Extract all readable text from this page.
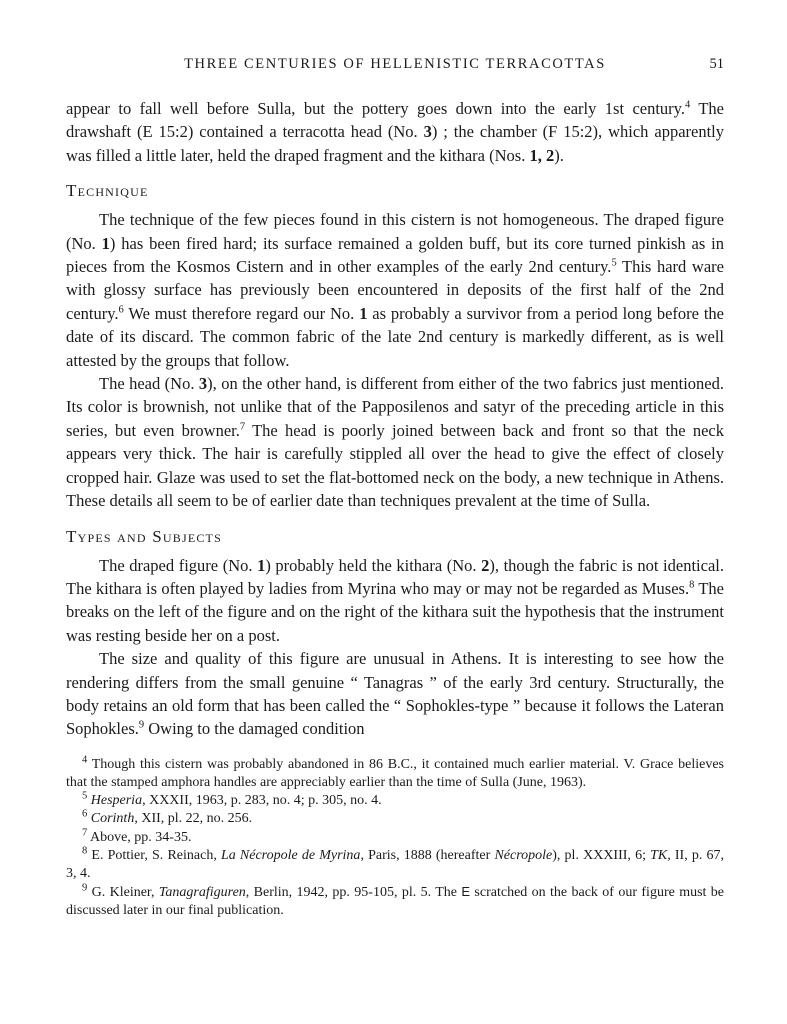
THREE CENTURIES OF HELLENISTIC TERRACOTTAS	51

appear to fall well before Sulla, but the pottery goes down into the early 1st century.$^4$ The drawshaft (E 15:2) contained a terracotta head (No. 3) ; the chamber (F 15:2), which apparently was filled a little later, held the draped fragment and the kithara (Nos. 1, 2).

Technique

The technique of the few pieces found in this cistern is not homogeneous. The draped figure (No. 1) has been fired hard; its surface remained a golden buff, but its core turned pinkish as in pieces from the Kosmos Cistern and in other examples of the early 2nd century.$^5$ This hard ware with glossy surface has previously been encountered in deposits of the first half of the 2nd century.$^6$ We must therefore regard our No. 1 as probably a survivor from a period long before the date of its discard. The common fabric of the late 2nd century is markedly different, as is well attested by the groups that follow.

The head (No. 3), on the other hand, is different from either of the two fabrics just mentioned. Its color is brownish, not unlike that of the Papposilenos and satyr of the preceding article in this series, but even browner.$^7$ The head is poorly joined between back and front so that the neck appears very thick. The hair is carefully stippled all over the head to give the effect of closely cropped hair. Glaze was used to set the flat-bottomed neck on the body, a new technique in Athens. These details all seem to be of earlier date than techniques prevalent at the time of Sulla.

Types and Subjects

The draped figure (No. 1) probably held the kithara (No. 2), though the fabric is not identical. The kithara is often played by ladies from Myrina who may or may not be regarded as Muses.$^8$ The breaks on the left of the figure and on the right of the kithara suit the hypothesis that the instrument was resting beside her on a post.

The size and quality of this figure are unusual in Athens. It is interesting to see how the rendering differs from the small genuine “ Tanagras ” of the early 3rd century. Structurally, the body retains an old form that has been called the “ Sophokles-type ” because it follows the Lateran Sophokles.$^9$ Owing to the damaged condition

$^4$ Though this cistern was probably abandoned in 86 B.C., it contained much earlier material. V. Grace believes that the stamped amphora handles are appreciably earlier than the time of Sulla (June, 1963).

$^5$ Hesperia, XXXII, 1963, p. 283, no. 4; p. 305, no. 4.

$^6$ Corinth, XII, pl. 22, no. 256.

$^7$ Above, pp. 34-35.

$^8$ E. Pottier, S. Reinach, La Nécropole de Myrina, Paris, 1888 (hereafter Nécropole), pl. XXXIII, 6; TK, II, p. 67, 3, 4.

$^9$ G. Kleiner, Tanagrafiguren, Berlin, 1942, pp. 95-105, pl. 5. The E scratched on the back of our figure must be discussed later in our final publication.
